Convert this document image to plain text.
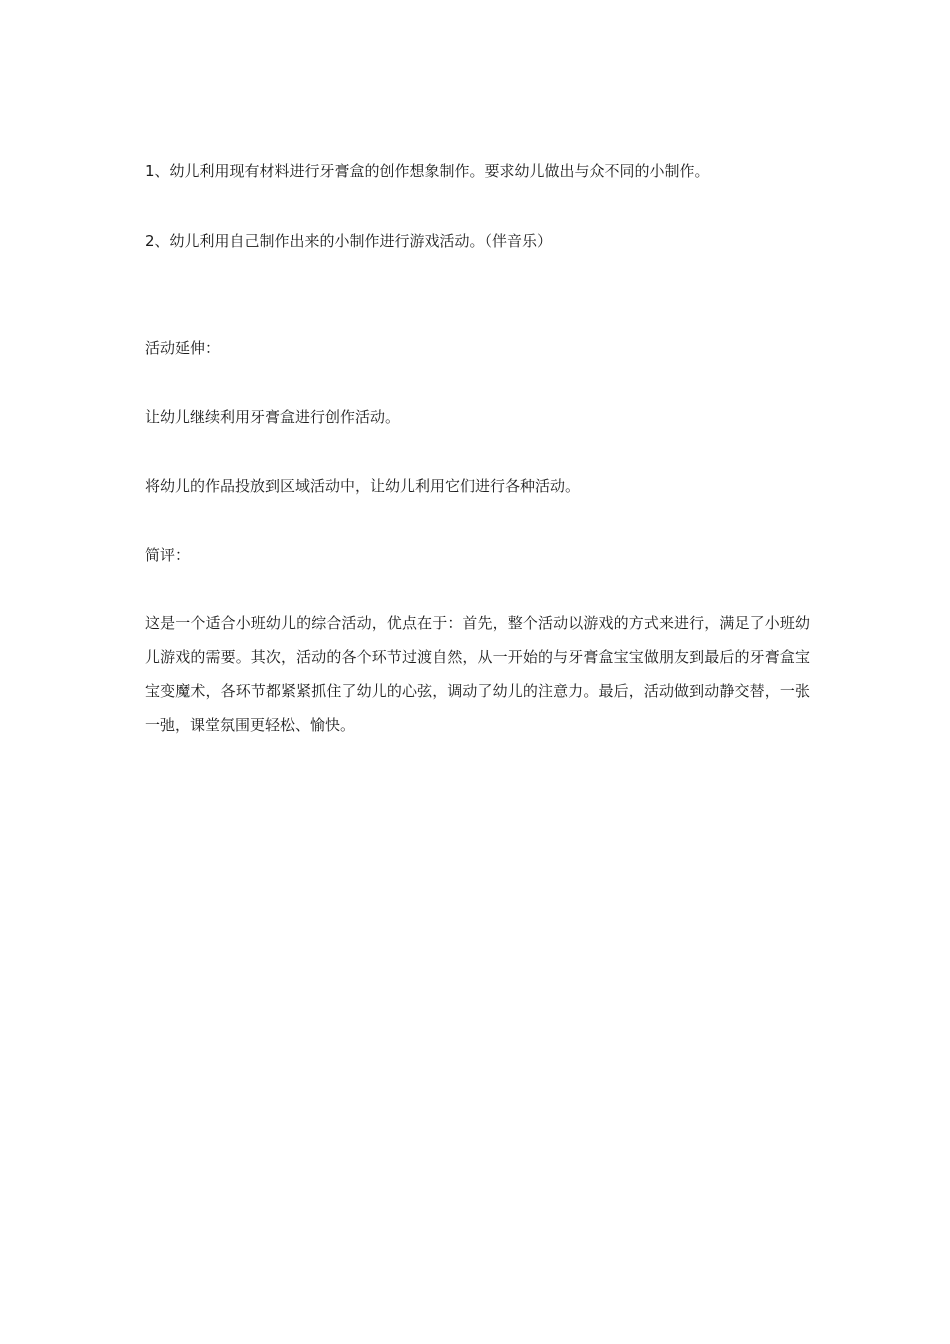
1、幼儿利用现有材料进行牙膏盒的创作想象制作。要求幼儿做出与众不同的小制作。
2、幼儿利用自己制作出来的小制作进行游戏活动。（伴音乐）
活动延伸：
让幼儿继续利用牙膏盒进行创作活动。
将幼儿的作品投放到区域活动中，让幼儿利用它们进行各种活动。
简评：
这是一个适合小班幼儿的综合活动，优点在于：首先，整个活动以游戏的方式来进行，满足了小班幼儿游戏的需要。其次，活动的各个环节过渡自然，从一开始的与牙膏盒宝宝做朋友到最后的牙膏盒宝宝变魔术，各环节都紧紧抓住了幼儿的心弦，调动了幼儿的注意力。最后，活动做到动静交替，一张一弛，课堂氛围更轻松、愉快。
